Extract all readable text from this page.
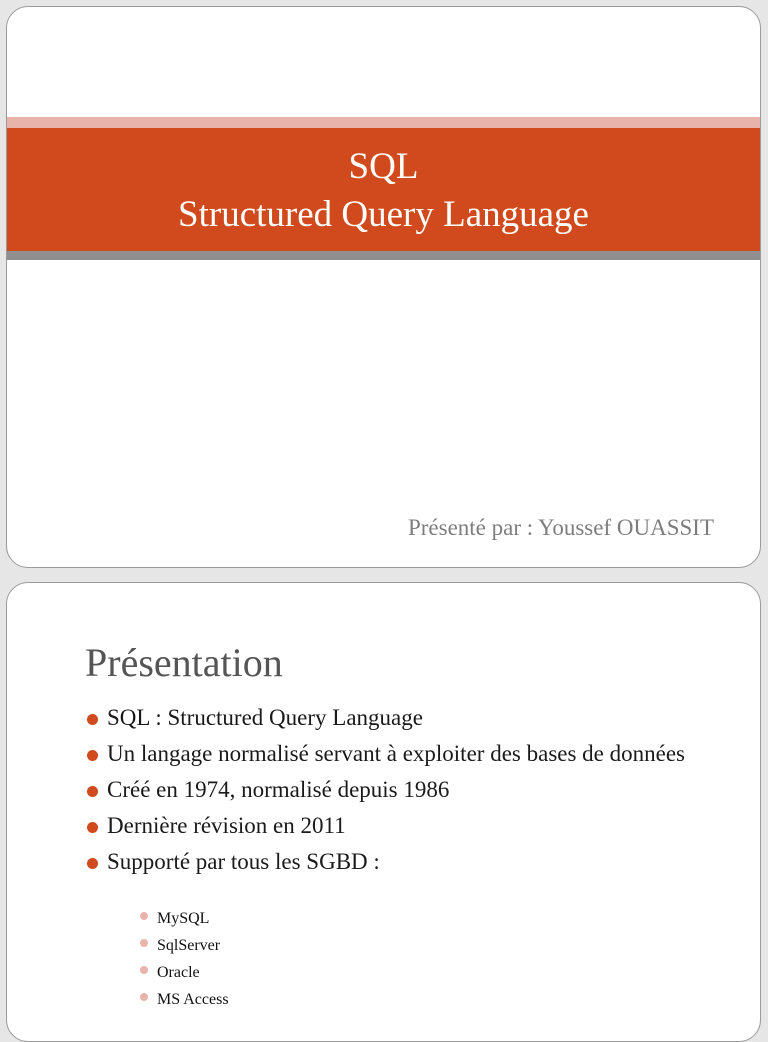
SQL
Structured Query Language

Présenté par : Youssef OUASSIT

Présentation
SQL : Structured Query Language
Un langage normalisé servant à exploiter des bases de données
Créé en 1974, normalisé depuis 1986
Dernière révision en 2011
Supporté par tous les SGBD :
MySQL
SqlServer
Oracle
MS Access
